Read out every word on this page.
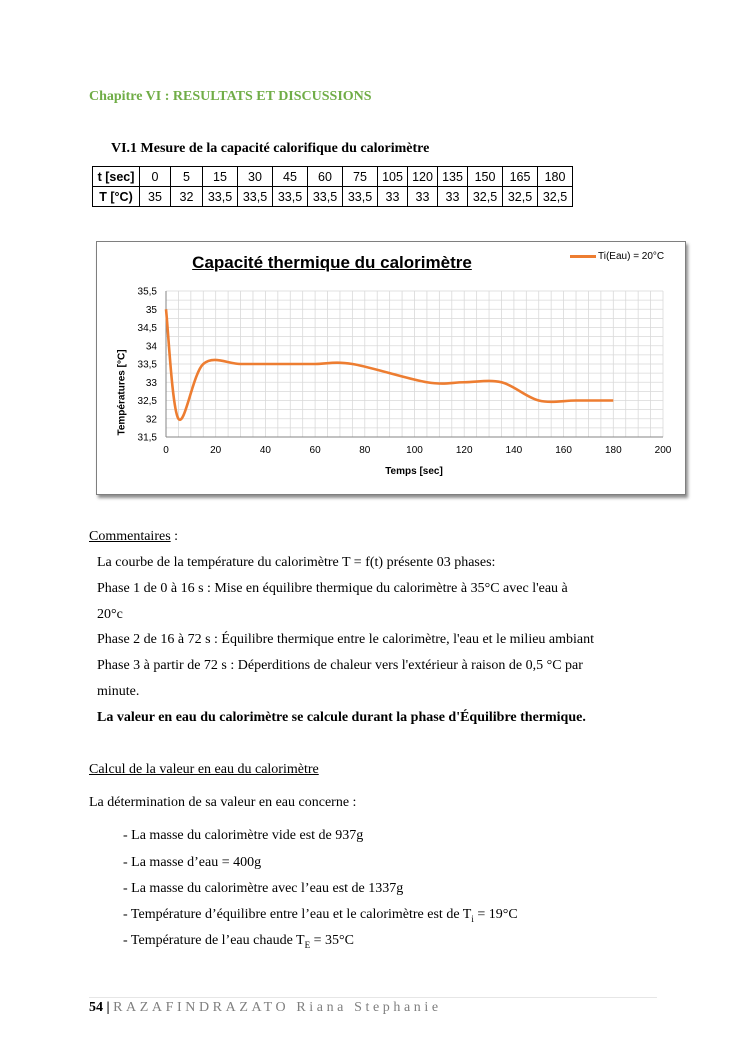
Chapitre VI : RESULTATS ET DISCUSSIONS
VI.1 Mesure de la capacité calorifique du calorimètre
t [sec]	0	5	15	30	45	60	75	105	120	135	150	165	180
T [°C)	35	32	33,5	33,5	33,5	33,5	33,5	33	33	33	32,5	32,5	32,5
31,5
32
32,5
33
33,5
34
34,5
35
35,5
0	20	40	60	80	100	120	140	160	180	200
Capacité thermique du calorimètre	Ti(Eau) = 20°C
Températures [°C]
Temps [sec]
Commentaires :
La courbe de la température du calorimètre T = f(t) présente 03 phases:
Phase 1 de 0 à 16 s : Mise en équilibre thermique du calorimètre à 35°C avec l'eau à
20°c
Phase 2 de 16 à 72 s : Équilibre thermique entre le calorimètre, l'eau et le milieu ambiant
Phase 3 à partir de 72 s : Déperditions de chaleur vers l'extérieur à raison de 0,5 °C par
minute.
La valeur en eau du calorimètre se calcule durant la phase d'Équilibre thermique.
Calcul de la valeur en eau du calorimètre
La détermination de sa valeur en eau concerne :
- La masse du calorimètre vide est de 937g
- La masse d’eau = 400g
- La masse du calorimètre avec l’eau est de 1337g
- Température d’équilibre entre l’eau et le calorimètre est de $T_i = 19^\circ C$
- Température de l’eau chaude $T_E = 35^\circ C$
54 | RAZAFINDRAZATO Riana Stephanie
